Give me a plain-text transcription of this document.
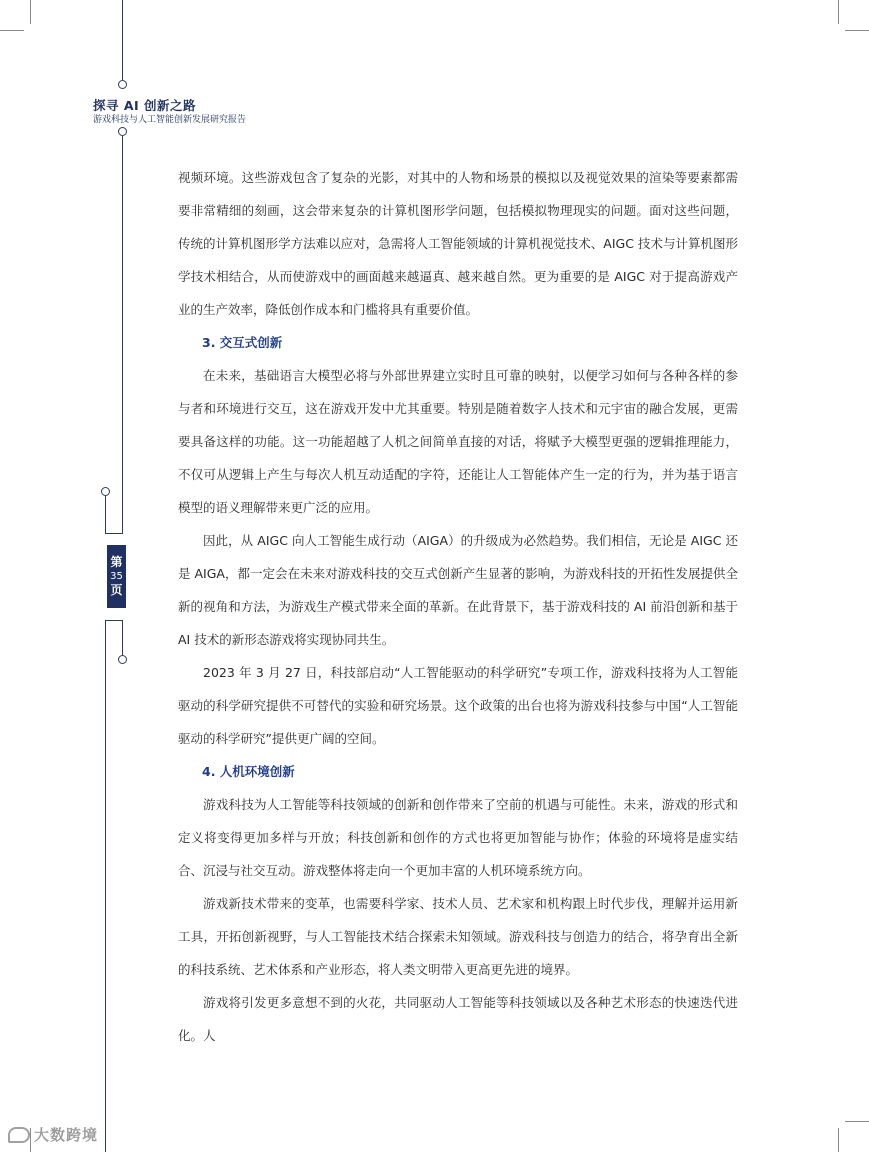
探寻 AI 创新之路
游戏科技与人工智能创新发展研究报告
第
35
页

视频环境。这些游戏包含了复杂的光影，对其中的人物和场景的模拟以及视觉效果的渲染等要素都需要非常精细的刻画，这会带来复杂的计算机图形学问题，包括模拟物理现实的问题。面对这些问题，传统的计算机图形学方法难以应对，急需将人工智能领域的计算机视觉技术、AIGC 技术与计算机图形学技术相结合，从而使游戏中的画面越来越逼真、越来越自然。更为重要的是 AIGC 对于提高游戏产业的生产效率，降低创作成本和门槛将具有重要价值。

3. 交互式创新

在未来，基础语言大模型必将与外部世界建立实时且可靠的映射，以便学习如何与各种各样的参与者和环境进行交互，这在游戏开发中尤其重要。特别是随着数字人技术和元宇宙的融合发展，更需要具备这样的功能。这一功能超越了人机之间简单直接的对话，将赋予大模型更强的逻辑推理能力，不仅可从逻辑上产生与每次人机互动适配的字符，还能让人工智能体产生一定的行为，并为基于语言模型的语义理解带来更广泛的应用。

因此，从 AIGC 向人工智能生成行动（AIGA）的升级成为必然趋势。我们相信，无论是 AIGC 还是 AIGA，都一定会在未来对游戏科技的交互式创新产生显著的影响，为游戏科技的开拓性发展提供全新的视角和方法，为游戏生产模式带来全面的革新。在此背景下，基于游戏科技的 AI 前沿创新和基于 AI 技术的新形态游戏将实现协同共生。

2023 年 3 月 27 日，科技部启动“人工智能驱动的科学研究”专项工作，游戏科技将为人工智能驱动的科学研究提供不可替代的实验和研究场景。这个政策的出台也将为游戏科技参与中国“人工智能驱动的科学研究”提供更广阔的空间。

4. 人机环境创新

游戏科技为人工智能等科技领域的创新和创作带来了空前的机遇与可能性。未来，游戏的形式和定义将变得更加多样与开放；科技创新和创作的方式也将更加智能与协作；体验的环境将是虚实结合、沉浸与社交互动。游戏整体将走向一个更加丰富的人机环境系统方向。

游戏新技术带来的变革，也需要科学家、技术人员、艺术家和机构跟上时代步伐，理解并运用新工具，开拓创新视野，与人工智能技术结合探索未知领域。游戏科技与创造力的结合，将孕育出全新的科技系统、艺术体系和产业形态，将人类文明带入更高更先进的境界。

游戏将引发更多意想不到的火花，共同驱动人工智能等科技领域以及各种艺术形态的快速迭代进化。人

大数跨境
